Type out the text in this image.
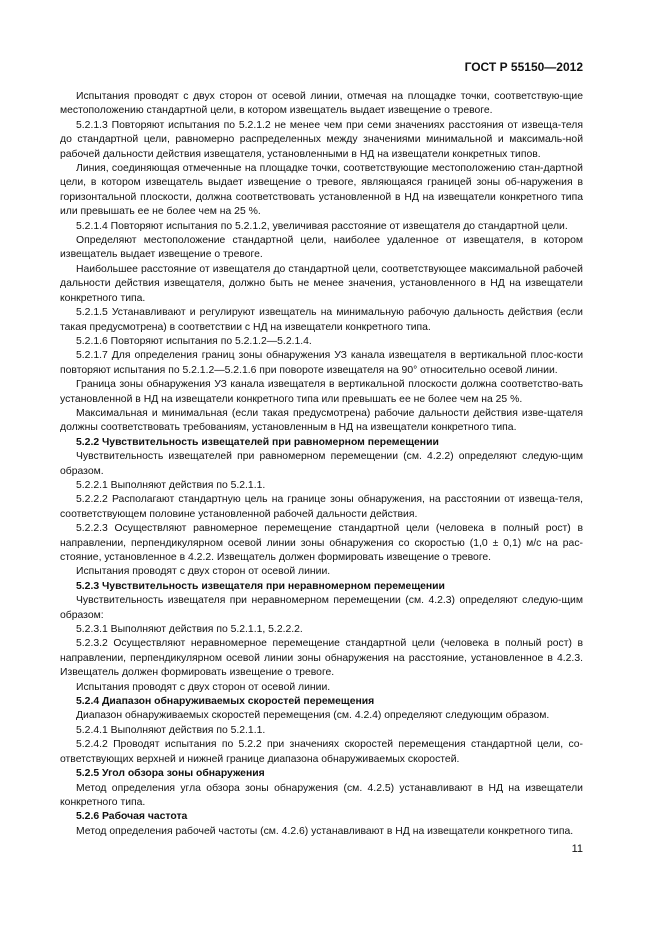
ГОСТ Р 55150—2012

Испытания проводят с двух сторон от осевой линии, отмечая на площадке точки, соответствую-щие местоположению стандартной цели, в котором извещатель выдает извещение о тревоге.

5.2.1.3 Повторяют испытания по 5.2.1.2 не менее чем при семи значениях расстояния от извеща-теля до стандартной цели, равномерно распределенных между значениями минимальной и максималь-ной рабочей дальности действия извещателя, установленными в НД на извещатели конкретных типов.

Линия, соединяющая отмеченные на площадке точки, соответствующие местоположению стан-дартной цели, в котором извещатель выдает извещение о тревоге, являющаяся границей зоны об-наружения в горизонтальной плоскости, должна соответствовать установленной в НД на извещатели конкретного типа или превышать ее не более чем на 25 %.

5.2.1.4 Повторяют испытания по 5.2.1.2, увеличивая расстояние от извещателя до стандартной цели.

Определяют местоположение стандартной цели, наиболее удаленное от извещателя, в котором извещатель выдает извещение о тревоге.

Наибольшее расстояние от извещателя до стандартной цели, соответствующее максимальной рабочей дальности действия извещателя, должно быть не менее значения, установленного в НД на извещатели конкретного типа.

5.2.1.5 Устанавливают и регулируют извещатель на минимальную рабочую дальность действия (если такая предусмотрена) в соответствии с НД на извещатели конкретного типа.

5.2.1.6 Повторяют испытания по 5.2.1.2—5.2.1.4.

5.2.1.7 Для определения границ зоны обнаружения УЗ канала извещателя в вертикальной плос-кости повторяют испытания по 5.2.1.2—5.2.1.6 при повороте извещателя на 90° относительно осевой линии.

Граница зоны обнаружения УЗ канала извещателя в вертикальной плоскости должна соответство-вать установленной в НД на извещатели конкретного типа или превышать ее не более чем на 25 %.

Максимальная и минимальная (если такая предусмотрена) рабочие дальности действия изве-щателя должны соответствовать требованиям, установленным в НД на извещатели конкретного типа.

5.2.2 Чувствительность извещателей при равномерном перемещении

Чувствительность извещателей при равномерном перемещении (см. 4.2.2) определяют следую-щим образом.

5.2.2.1 Выполняют действия по 5.2.1.1.

5.2.2.2 Располагают стандартную цель на границе зоны обнаружения, на расстоянии от извеща-теля, соответствующем половине установленной рабочей дальности действия.

5.2.2.3 Осуществляют равномерное перемещение стандартной цели (человека в полный рост) в направлении, перпендикулярном осевой линии зоны обнаружения со скоростью (1,0 ± 0,1) м/с на рас-стояние, установленное в 4.2.2. Извещатель должен формировать извещение о тревоге.

Испытания проводят с двух сторон от осевой линии.

5.2.3 Чувствительность извещателя при неравномерном перемещении

Чувствительность извещателя при неравномерном перемещении (см. 4.2.3) определяют следую-щим образом:

5.2.3.1 Выполняют действия по 5.2.1.1, 5.2.2.2.

5.2.3.2 Осуществляют неравномерное перемещение стандартной цели (человека в полный рост) в направлении, перпендикулярном осевой линии зоны обнаружения на расстояние, установленное в 4.2.3. Извещатель должен формировать извещение о тревоге.

Испытания проводят с двух сторон от осевой линии.

5.2.4 Диапазон обнаруживаемых скоростей перемещения

Диапазон обнаруживаемых скоростей перемещения (см. 4.2.4) определяют следующим образом.

5.2.4.1 Выполняют действия по 5.2.1.1.

5.2.4.2 Проводят испытания по 5.2.2 при значениях скоростей перемещения стандартной цели, со-ответствующих верхней и нижней границе диапазона обнаруживаемых скоростей.

5.2.5 Угол обзора зоны обнаружения

Метод определения угла обзора зоны обнаружения (см. 4.2.5) устанавливают в НД на извещатели конкретного типа.

5.2.6 Рабочая частота

Метод определения рабочей частоты (см. 4.2.6) устанавливают в НД на извещатели конкретного типа.

11
